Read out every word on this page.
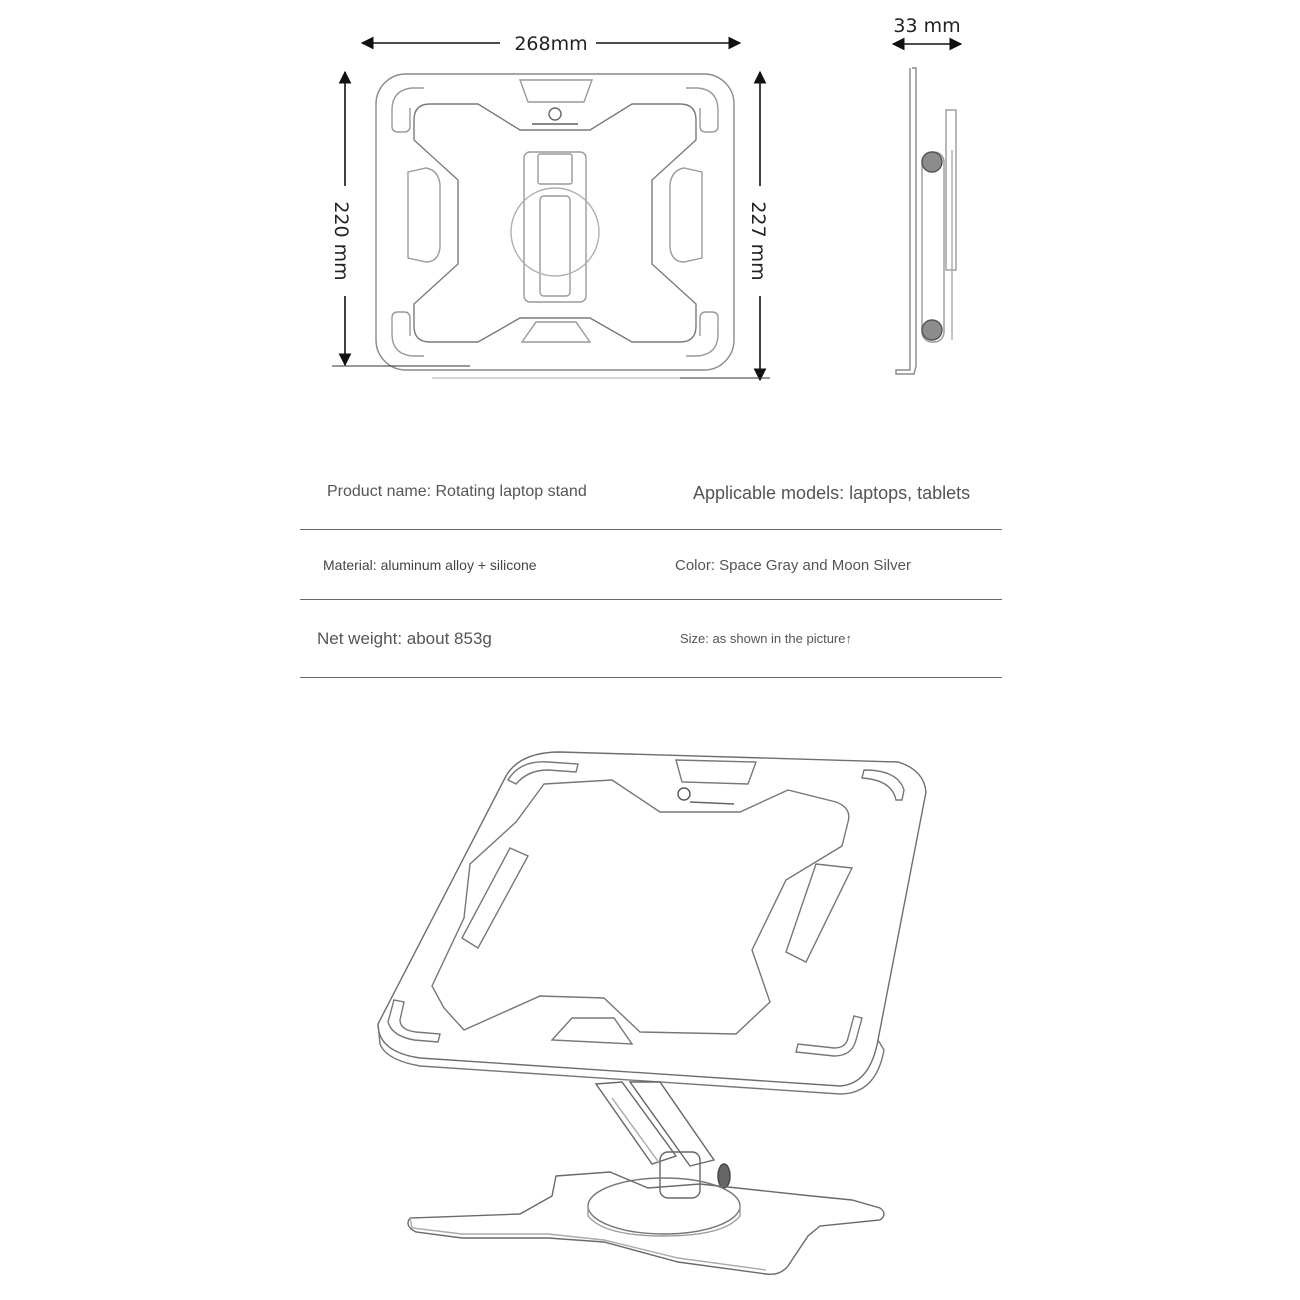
268mm
220 mm	227 mm
33 mm
Product name: Rotating laptop stand	Applicable models: laptops, tablets
Material: aluminum alloy + silicone	Color: Space Gray and Moon Silver
Net weight: about 853g	Size: as shown in the picture↑
